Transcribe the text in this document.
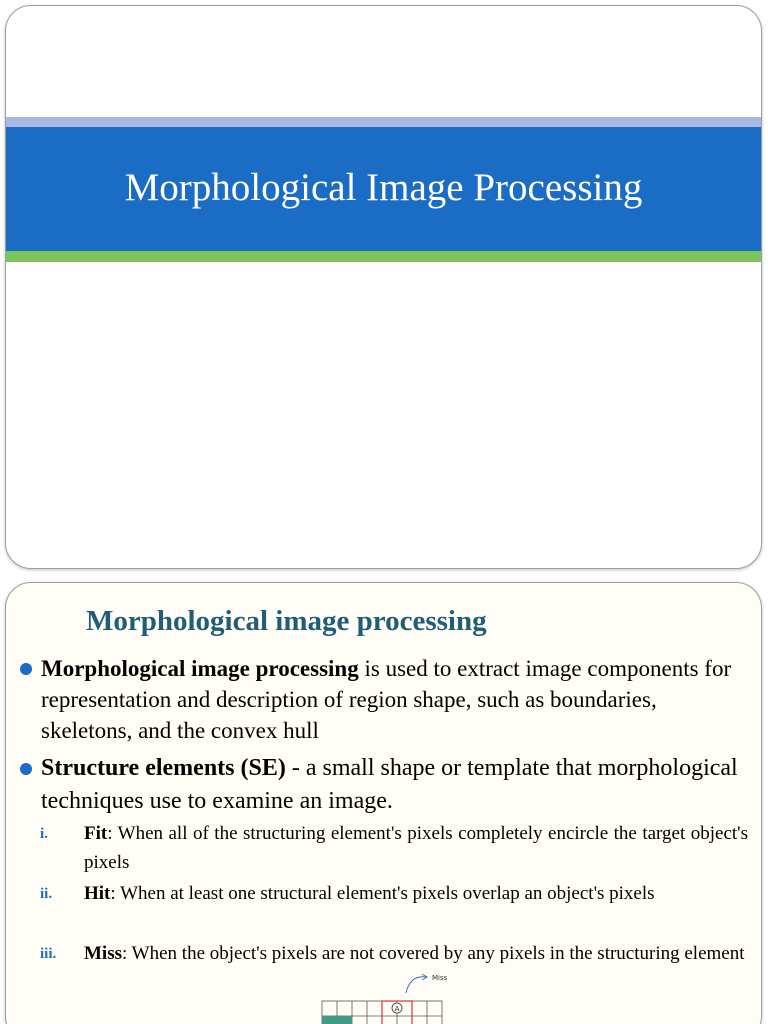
Morphological Image Processing
Morphological image processing
Morphological image processing is used to extract image components for representation and description of region shape, such as boundaries, skeletons, and the convex hull
Structure elements (SE) - a small shape or template that morphological techniques use to examine an image.
i. Fit: When all of the structuring element's pixels completely encircle the target object's pixels
ii. Hit: When at least one structural element's pixels overlap an object's pixels
iii. Miss: When the object's pixels are not covered by any pixels in the structuring element
A
Miss
